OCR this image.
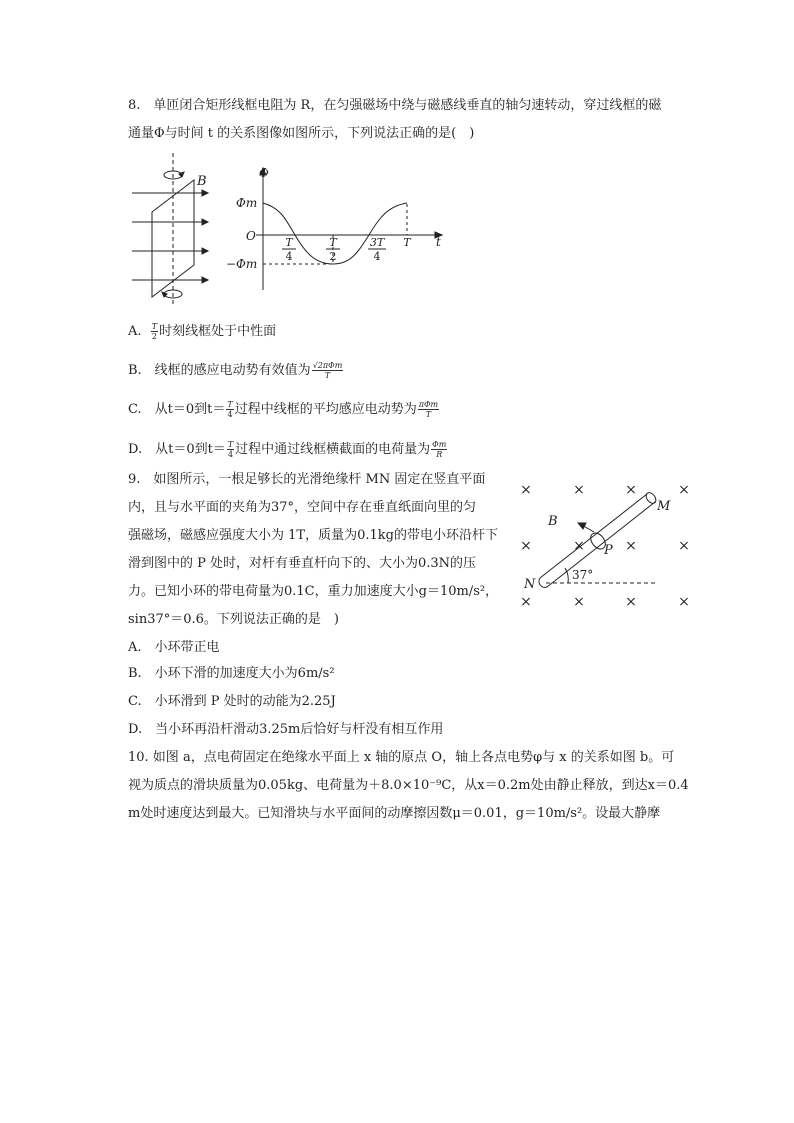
8.　单匝闭合矩形线框电阻为 R，在匀强磁场中绕与磁感线垂直的轴匀速转动，穿过线框的磁
通量Φ与时间 t 的关系图像如图所示，下列说法正确的是(　)
B
Φ
Φm
−Φm
O	t
T
4
T
2
3T
4
T
A. $\frac{T}{2}$ 时刻线框处于中性面
B.　线框的感应电动势有效值为 $\frac{\text{√2πΦm}}{T}$
C.　从t＝0到$t= \frac{T}{4}$ 过程中线框的平均感应电动势为 $\frac{\text{πΦm}}{T}$
D.　从t＝0到$t= \frac{T}{4}$ 过程中通过线框横截面的电荷量为 $\frac{\Phi m}{R}$
9.　如图所示，一根足够长的光滑绝缘杆 MN 固定在竖直平面
内，且与水平面的夹角为37°，空间中存在垂直纸面向里的匀
强磁场，磁感应强度大小为 1T，质量为0.1kg的带电小环沿杆下
滑到图中的 P 处时，对杆有垂直杆向下的、大小为0.3N的压
力。已知小环的带电荷量为0.1C，重力加速度大小g＝10m/s²，
sin37°＝0.6。下列说法正确的是　)
×	×	×	×
×	×	×	×
×	×	×	×
M
N
P
B
37°
A.　小环带正电
B.　小环下滑的加速度大小为6m/s²
C.　小环滑到 P 处时的动能为2.25J
D.　当小环再沿杆滑动3.25m后恰好与杆没有相互作用
10. 如图 a，点电荷固定在绝缘水平面上 x 轴的原点 O，轴上各点电势φ与 x 的关系如图 b。可
视为质点的滑块质量为0.05kg、电荷量为＋8.0×10⁻⁹C，从x＝0.2m处由静止释放，到达x＝0.4
m处时速度达到最大。已知滑块与水平面间的动摩擦因数μ＝0.01，g＝10m/s²。设最大静摩
